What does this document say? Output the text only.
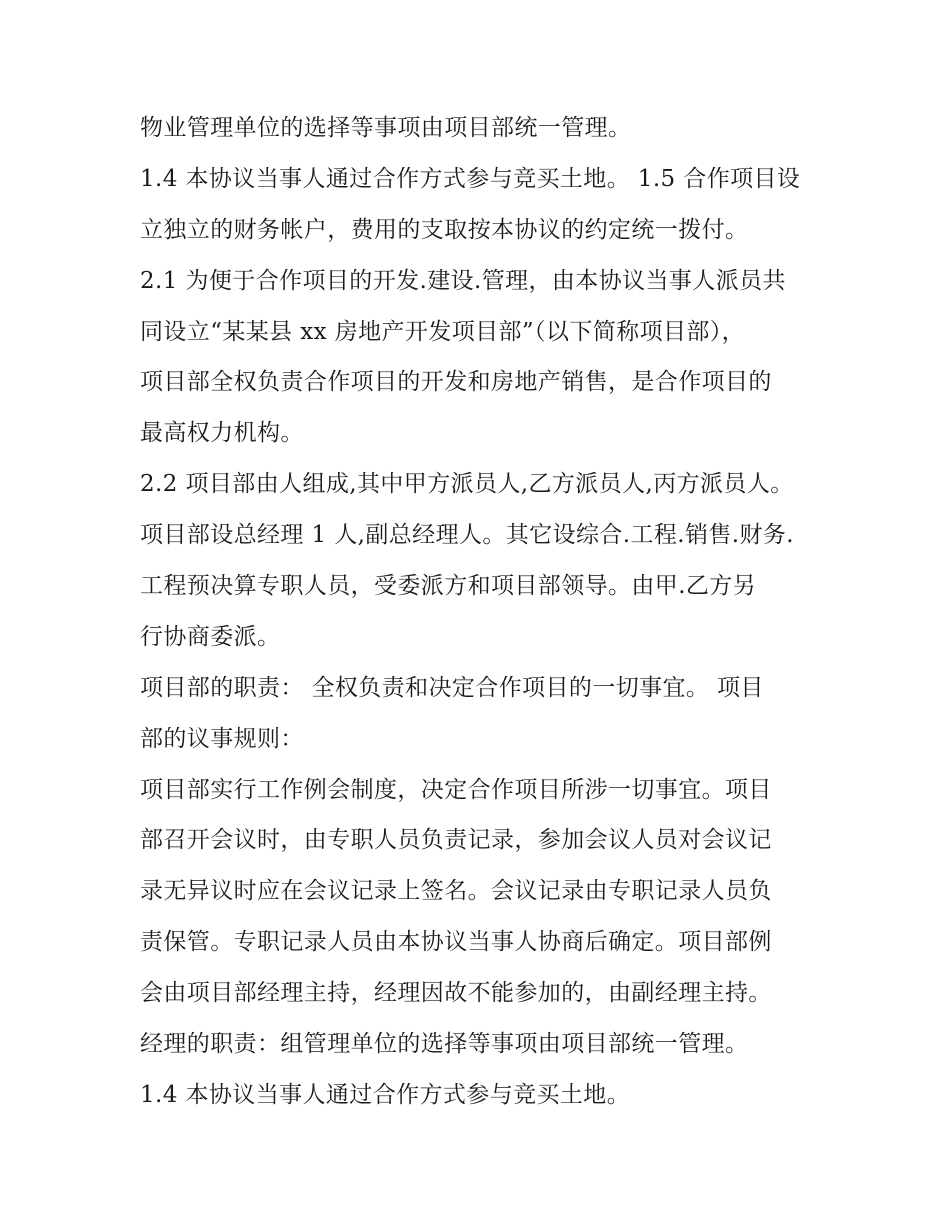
物业管理单位的选择等事项由项目部统一管理。
1.4 本协议当事人通过合作方式参与竞买土地。 1.5 合作项目设
立独立的财务帐户，费用的支取按本协议的约定统一拨付。
2.1 为便于合作项目的开发.建设.管理，由本协议当事人派员共
同设立“某某县 xx 房地产开发项目部”（以下简称项目部），
项目部全权负责合作项目的开发和房地产销售，是合作项目的
最高权力机构。
2.2 项目部由人组成,其中甲方派员人,乙方派员人,丙方派员人。
项目部设总经理 1 人,副总经理人。其它设综合.工程.销售.财务.
工程预决算专职人员，受委派方和项目部领导。由甲.乙方另
行协商委派。
项目部的职责： 全权负责和决定合作项目的一切事宜。 项目
部的议事规则：
项目部实行工作例会制度，决定合作项目所涉一切事宜。项目
部召开会议时，由专职人员负责记录，参加会议人员对会议记
录无异议时应在会议记录上签名。会议记录由专职记录人员负
责保管。专职记录人员由本协议当事人协商后确定。项目部例
会由项目部经理主持，经理因故不能参加的，由副经理主持。
经理的职责：组管理单位的选择等事项由项目部统一管理。
1.4 本协议当事人通过合作方式参与竞买土地。
